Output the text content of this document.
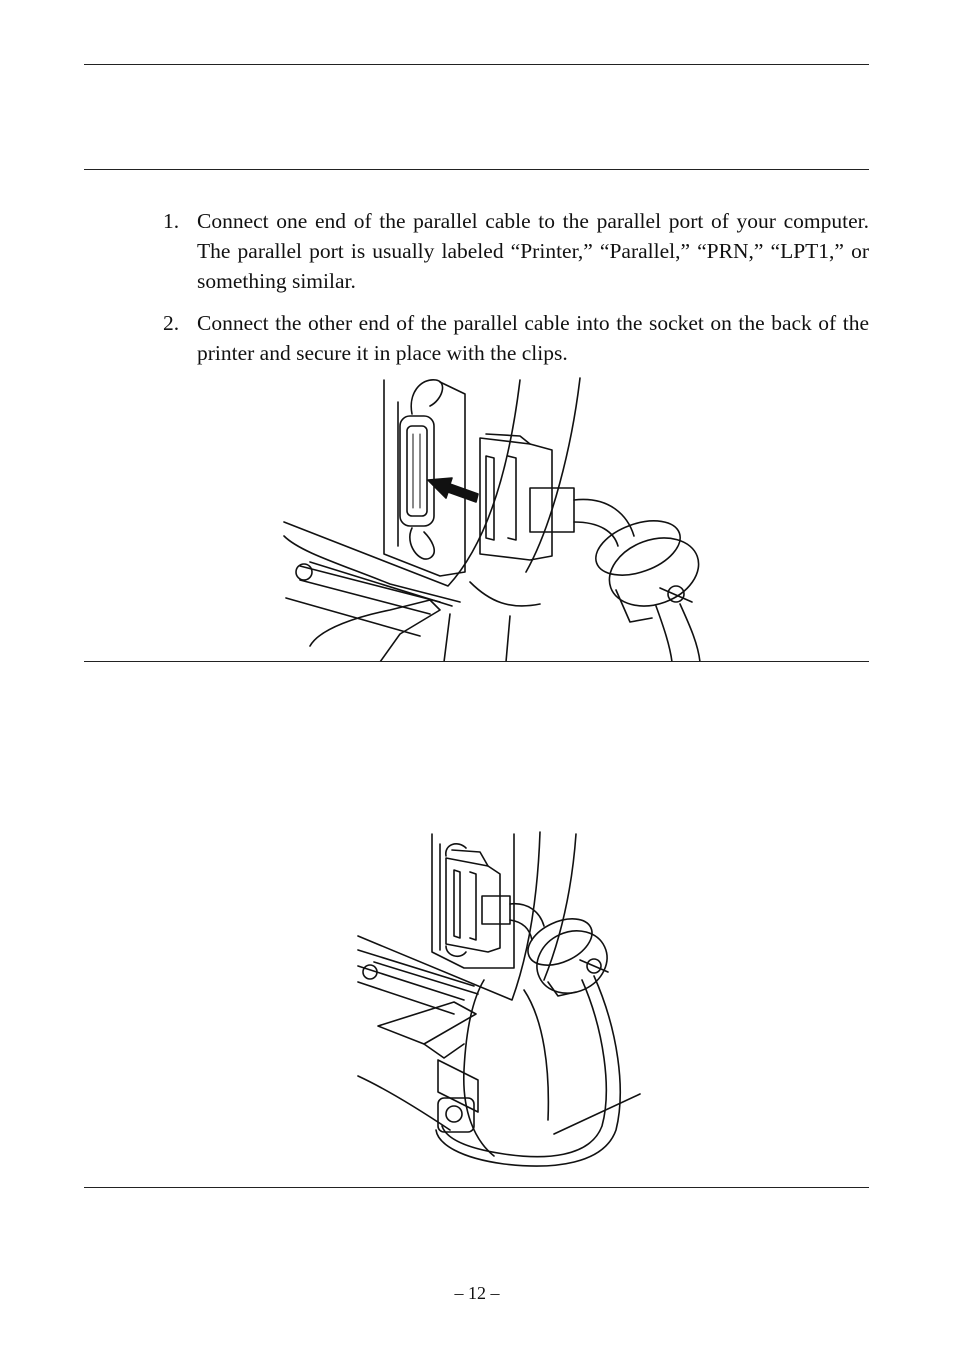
1. Connect one end of the parallel cable to the parallel port of your computer. The parallel port is usually labeled “Printer,” “Parallel,” “PRN,” “LPT1,” or something similar.
2. Connect the other end of the parallel cable into the socket on the back of the printer and secure it in place with the clips.
– 12 –
